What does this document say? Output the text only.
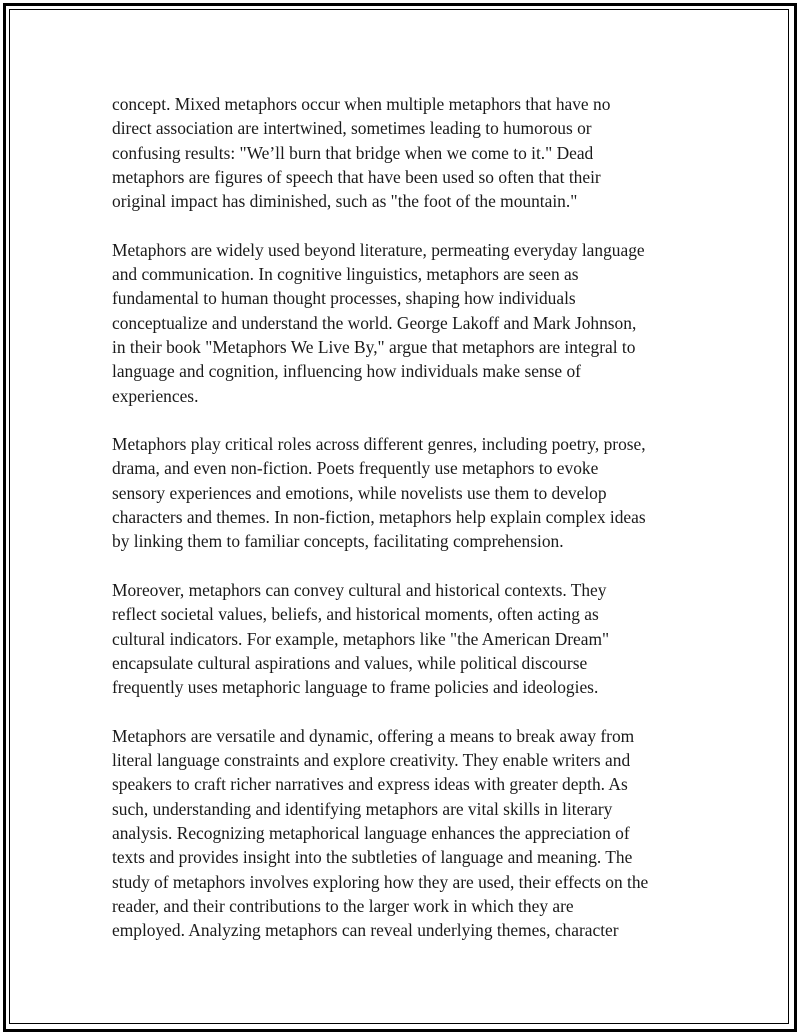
concept. Mixed metaphors occur when multiple metaphors that have no
direct association are intertwined, sometimes leading to humorous or
confusing results: "We’ll burn that bridge when we come to it." Dead
metaphors are figures of speech that have been used so often that their
original impact has diminished, such as "the foot of the mountain."

Metaphors are widely used beyond literature, permeating everyday language
and communication. In cognitive linguistics, metaphors are seen as
fundamental to human thought processes, shaping how individuals
conceptualize and understand the world. George Lakoff and Mark Johnson,
in their book "Metaphors We Live By," argue that metaphors are integral to
language and cognition, influencing how individuals make sense of
experiences.

Metaphors play critical roles across different genres, including poetry, prose,
drama, and even non-fiction. Poets frequently use metaphors to evoke
sensory experiences and emotions, while novelists use them to develop
characters and themes. In non-fiction, metaphors help explain complex ideas
by linking them to familiar concepts, facilitating comprehension.

Moreover, metaphors can convey cultural and historical contexts. They
reflect societal values, beliefs, and historical moments, often acting as
cultural indicators. For example, metaphors like "the American Dream"
encapsulate cultural aspirations and values, while political discourse
frequently uses metaphoric language to frame policies and ideologies.

Metaphors are versatile and dynamic, offering a means to break away from
literal language constraints and explore creativity. They enable writers and
speakers to craft richer narratives and express ideas with greater depth. As
such, understanding and identifying metaphors are vital skills in literary
analysis. Recognizing metaphorical language enhances the appreciation of
texts and provides insight into the subtleties of language and meaning. The
study of metaphors involves exploring how they are used, their effects on the
reader, and their contributions to the larger work in which they are
employed. Analyzing metaphors can reveal underlying themes, character
